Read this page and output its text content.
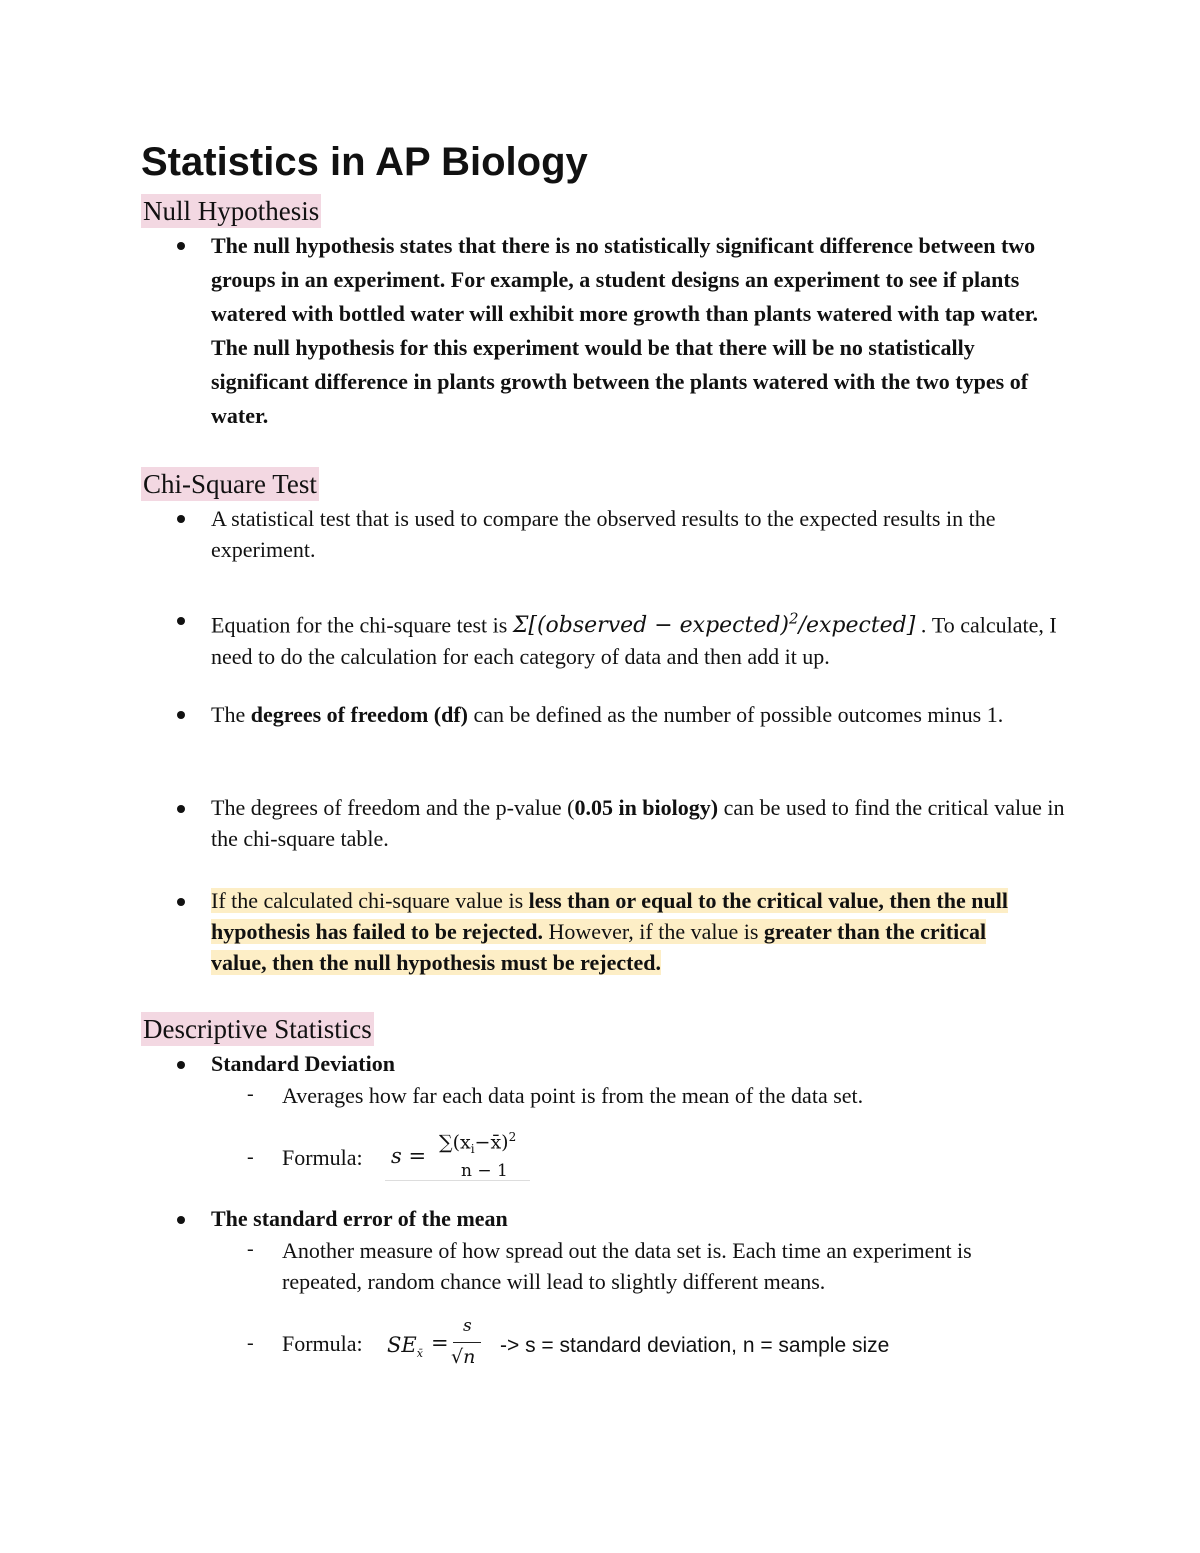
Statistics in AP Biology
Null Hypothesis

The null hypothesis states that there is no statistically significant difference between two groups in an experiment. For example, a student designs an experiment to see if plants watered with bottled water will exhibit more growth than plants watered with tap water. The null hypothesis for this experiment would be that there will be no statistically significant difference in plants growth between the plants watered with the two types of water.

Chi-Square Test

A statistical test that is used to compare the observed results to the expected results in the experiment.

Equation for the chi-square test is Σ[(observed − expected)$^2$/expected] . To calculate, I need to do the calculation for each category of data and then add it up.

The degrees of freedom (df) can be defined as the number of possible outcomes minus 1.

The degrees of freedom and the p-value (0.05 in biology) can be used to find the critical value in the chi-square table.

If the calculated chi-square value is less than or equal to the critical value, then the null hypothesis has failed to be rejected. However, if the value is greater than the critical value, then the null hypothesis must be rejected.

Descriptive Statistics

Standard Deviation

- Averages how far each data point is from the mean of the data set.

- Formula:	s =
$\sum(x_i-x̄)^2$
n − 1

The standard error of the mean

- Another measure of how spread out the data set is. Each time an experiment is repeated, random chance will lead to slightly different means.

- Formula:	$SE_{x̄}$ =
s
√n -> s = standard deviation, n = sample size
